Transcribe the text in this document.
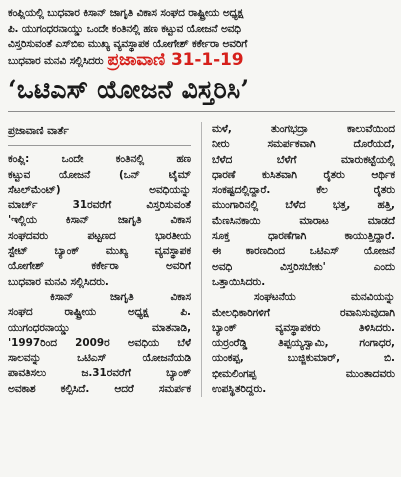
ಕಂಪ್ಲಿಯಲ್ಲಿ ಬುಧವಾರ ಕಿಸಾನ್ ಜಾಗೃತಿ ವಿಕಾಸ ಸಂಘದ ರಾಷ್ಟ್ರೀಯ ಅಧ್ಯಕ್ಷ
ಪಿ. ಯುಗಂಧರನಾಯ್ಡು ಒಂದೇ ಕಂತಿನಲ್ಲಿ ಹಣ ಕಟ್ಟುವ ಯೋಜನೆ ಅವಧಿ
ವಿಸ್ತರಿಸುವಂತೆ ಎಸ್‌ಬಿಐ ಮುಖ್ಯ ವ್ಯವಸ್ಥಾಪಕ ಯೋಗೇಶ್ ಕರ್ಕೇರಾ ಅವರಿಗೆ
ಬುಧವಾರ ಮನವಿ ಸಲ್ಲಿಸಿದರು ಪ್ರಜಾವಾಣಿ 31-1-19
‘ಒಟಿಎಸ್ ಯೋಜನೆ ವಿಸ್ತರಿಸಿ’
ಪ್ರಜಾವಾಣಿ ವಾರ್ತೆ
ಕಂಪ್ಲಿ: ಒಂದೇ ಕಂತಿನಲ್ಲಿ ಹಣ
ಕಟ್ಟುವ ಯೋಜನೆ (ಒನ್ ಟೈಮ್
ಸೆಟಲ್‌ಮೆಂಟ್) ಅವಧಿಯನ್ನು
ಮಾರ್ಚ್ 31ರವರೆಗೆ ವಿಸ್ತರಿಸುವಂತೆ
'ಇಲ್ಲಿಯ ಕಿಸಾನ್ ಜಾಗೃತಿ ವಿಕಾಸ
ಸಂಘದವರು ಪಟ್ಟಣದ ಭಾರತೀಯ
ಸ್ಟೇಟ್ ಬ್ಯಾಂಕ್ ಮುಖ್ಯ ವ್ಯವಸ್ಥಾಪಕ
ಯೋಗೇಶ್ ಕರ್ಕೇರಾ ಅವರಿಗೆ
ಬುಧವಾರ ಮನವಿ ಸಲ್ಲಿಸಿದರು.
ಕಿಸಾನ್ ಜಾಗೃತಿ ವಿಕಾಸ
ಸಂಘದ ರಾಷ್ಟ್ರೀಯ ಅಧ್ಯಕ್ಷ ಪಿ.
ಯುಗಂಧರನಾಯ್ಡು ಮಾತನಾಡಿ,
'1997ರಿಂದ 2009ರ ಅವಧಿಯ ಬೆಳೆ
ಸಾಲವನ್ನು ಒಟಿಎಸ್ ಯೋಜನೆಯಡಿ
ಪಾವತಿಸಲು ಜ.31ರವರೆಗೆ ಬ್ಯಾಂಕ್
ಅವಕಾಶ ಕಲ್ಪಿಸಿದೆ. ಆದರೆ ಸಮರ್ಪಕ
ಮಳೆ, ತುಂಗಭದ್ರಾ ಕಾಲುವೆಯಿಂದ
ನೀರು ಸಮರ್ಪಕವಾಗಿ ದೊರೆಯದೆ,
ಬೆಳೆದ ಬೆಳೆಗೆ ಮಾರುಕಟ್ಟೆಯಲ್ಲಿ
ಧಾರಣೆ ಕುಸಿತವಾಗಿ ರೈತರು ಆರ್ಥಿಕ
ಸಂಕಷ್ಟದಲ್ಲಿದ್ದಾರೆ. ಕೆಲ ರೈತರು
ಮುಂಗಾರಿನಲ್ಲಿ ಬೆಳೆದ ಭತ್ತ, ಹತ್ತಿ,
ಮೆಣಸಿನಕಾಯಿ ಮಾರಾಟ ಮಾಡದೆ
ಸೂಕ್ತ ಧಾರಣೆಗಾಗಿ ಕಾಯುತ್ತಿದ್ದಾರೆ.
ಈ ಕಾರಣದಿಂದ ಒಟಿಎಸ್ ಯೋಜನೆ
ಅವಧಿ ವಿಸ್ತರಿಸಬೇಕು' ಎಂದು
ಒತ್ತಾಯಿಸಿದರು.
ಸಂಘಟನೆಯ ಮನವಿಯನ್ನು
ಮೇಲಧಿಕಾರಿಗಳಿಗೆ ರವಾನಿಸುವುದಾಗಿ
ಬ್ಯಾಂಕ್ ವ್ಯವಸ್ಥಾಪಕರು ತಿಳಿಸಿದರು.
ಯರ್ರಂರೆಡ್ಡಿ ತಿಪ್ಪಯ್ಯಸ್ವಾಮಿ, ಗಂಗಾಧರ,
ಯಂಕಪ್ಪ, ಬುಜ್ಜಿಕುಮಾರ್, ಬಿ.
ಭೀಮಲಿಂಗಪ್ಪ ಮುಂತಾದವರು
ಉಪಸ್ಥಿತರಿದ್ದರು.
